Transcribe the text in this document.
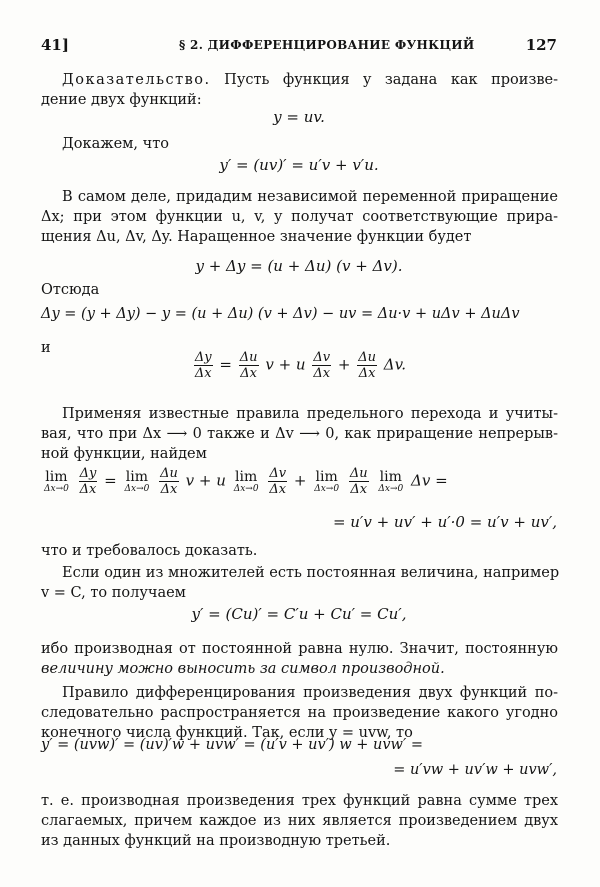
41]	§ 2. ДИФФЕРЕНЦИРОВАНИЕ ФУНКЦИЙ	127
Доказательство. Пусть функция y задана как произве-
дение двух функций:
y = uv.
Докажем, что
y′ = (uv)′ = u′v + v′u.
В самом деле, придадим независимой переменной приращение
Δx; при этом функции u, v, y получат соответствующие прира-
щения Δu, Δv, Δy. Наращенное значение функции будет
y + Δy = (u + Δu) (v + Δv).
Отсюда
Δy = (y + Δy) − y = (u + Δu) (v + Δv) − uv = Δu·v + uΔv + ΔuΔv
и
$\frac{\Delta y}{\Delta x} = \frac{\Delta u}{\Delta x}$ v + u $\frac{\Delta v}{\Delta x} + \frac{\Delta u}{\Delta x} \Delta v$.
Применяя известные правила предельного перехода и учиты-
вая, что при Δx ⟶ 0 также и Δv ⟶ 0, как приращение непрерыв-
ной функции, найдем
lim
Δx→0
$\frac{\Delta y}{\Delta x} = \lim$
Δx→0
$\frac{\Delta u}{\Delta x}$ v + u lim
Δx→0
$\frac{\Delta v}{\Delta x} + \lim$
Δx→0
$\frac{\Delta u}{\Delta x}$
lim
Δx→0 Δv =
= u′v + uv′ + u′·0 = u′v + uv′,
что и требовалось доказать.
Если один из множителей есть постоянная величина, например
v = C, то получаем
y′ = (Cu)′ = C′u + Cu′ = Cu′,
ибо производная от постоянной равна нулю. Значит, постоянную
величину можно выносить за символ производной.
Правило дифференцирования произведения двух функций по-
следовательно распространяется на произведение какого угодно
конечного числа функций. Так, если y = uvw, то
y′ = (uvw)′ = (uv)′w + uvw′ = (u′v + uv′) w + uvw′ =
= u′vw + uv′w + uvw′,
т. е. производная произведения трех функций равна сумме трех
слагаемых, причем каждое из них является произведением двух
из данных функций на производную третьей.
